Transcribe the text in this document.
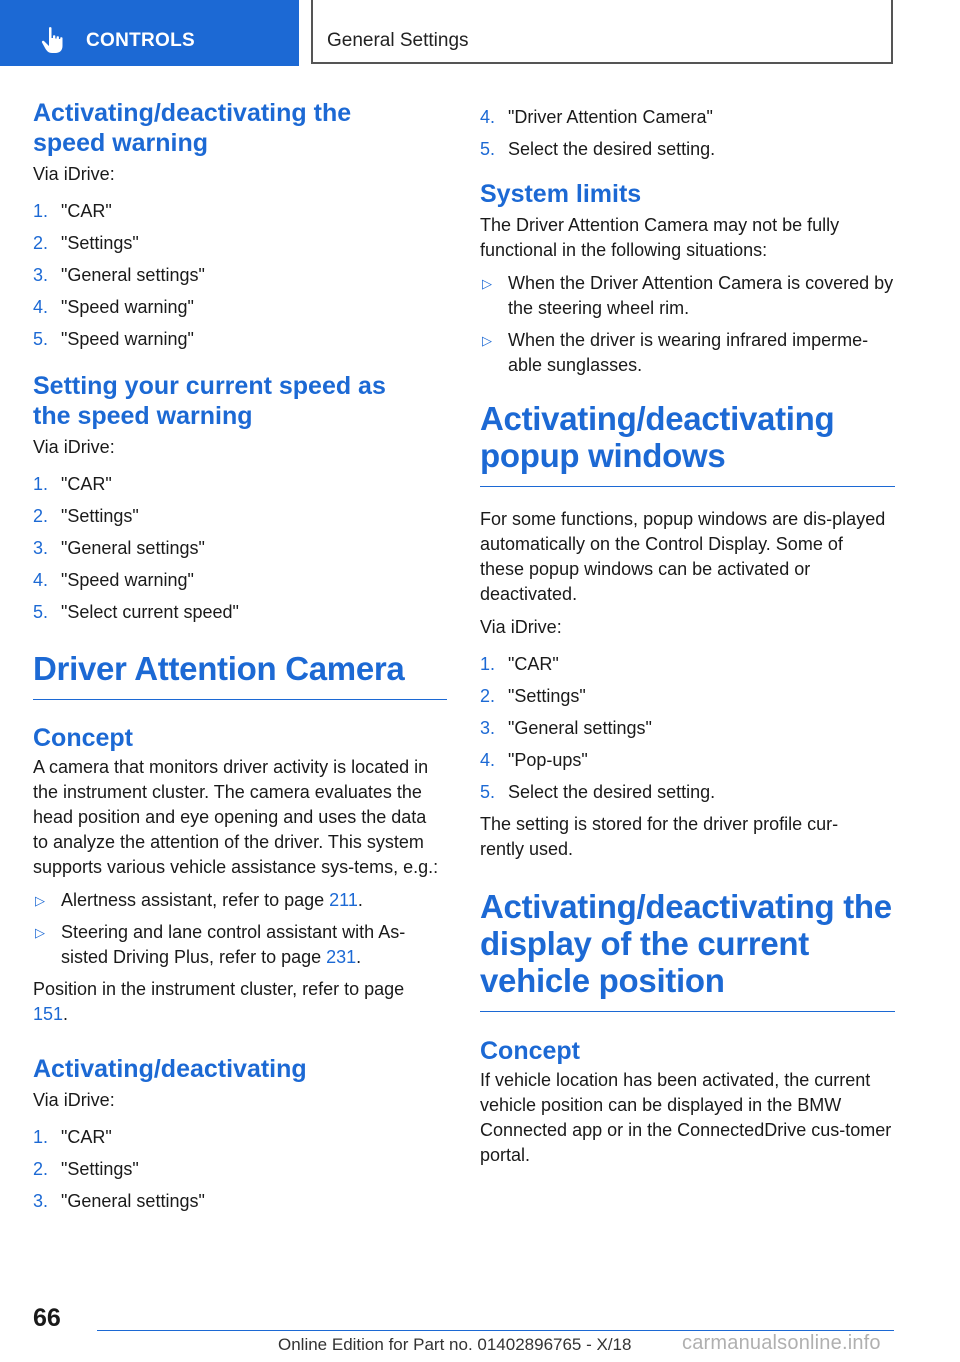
CONTROLS	General Settings
Activating/deactivating the speed warning

Via iDrive:

1. "CAR"
2. "Settings"
3. "General settings"
4. "Speed warning"
5. "Speed warning"
Setting your current speed as the speed warning

Via iDrive:

1. "CAR"
2. "Settings"
3. "General settings"
4. "Speed warning"
5. "Select current speed"
Driver Attention Camera
Concept

A camera that monitors driver activity is located in the instrument cluster. The camera evaluates the head position and eye opening and uses the data to analyze the attention of the driver. This system supports various vehicle assistance sys-tems, e.g.:

▷ Alertness assistant, refer to page 211.
▷ Steering and lane control assistant with As-sisted Driving Plus, refer to page 231.

Position in the instrument cluster, refer to page 151.

Activating/deactivating

Via iDrive:

1. "CAR"
2. "Settings"
3. "General settings"
4. "Driver Attention Camera"
5. Select the desired setting.
System limits

The Driver Attention Camera may not be fully functional in the following situations:

▷ When the Driver Attention Camera is covered by the steering wheel rim.
▷ When the driver is wearing infrared imperme-able sunglasses.
Activating/deactivating popup windows

For some functions, popup windows are dis-played automatically on the Control Display. Some of these popup windows can be activated or deactivated.

Via iDrive:

1. "CAR"
2. "Settings"
3. "General settings"
4. "Pop-ups"
5. Select the desired setting.

The setting is stored for the driver profile cur-rently used.

Activating/deactivating the display of the current vehicle position
Concept

If vehicle location has been activated, the current vehicle position can be displayed in the BMW Connected app or in the ConnectedDrive cus-tomer portal.

66
Online Edition for Part no. 01402896765 - X/18	carmanualsonline.info
